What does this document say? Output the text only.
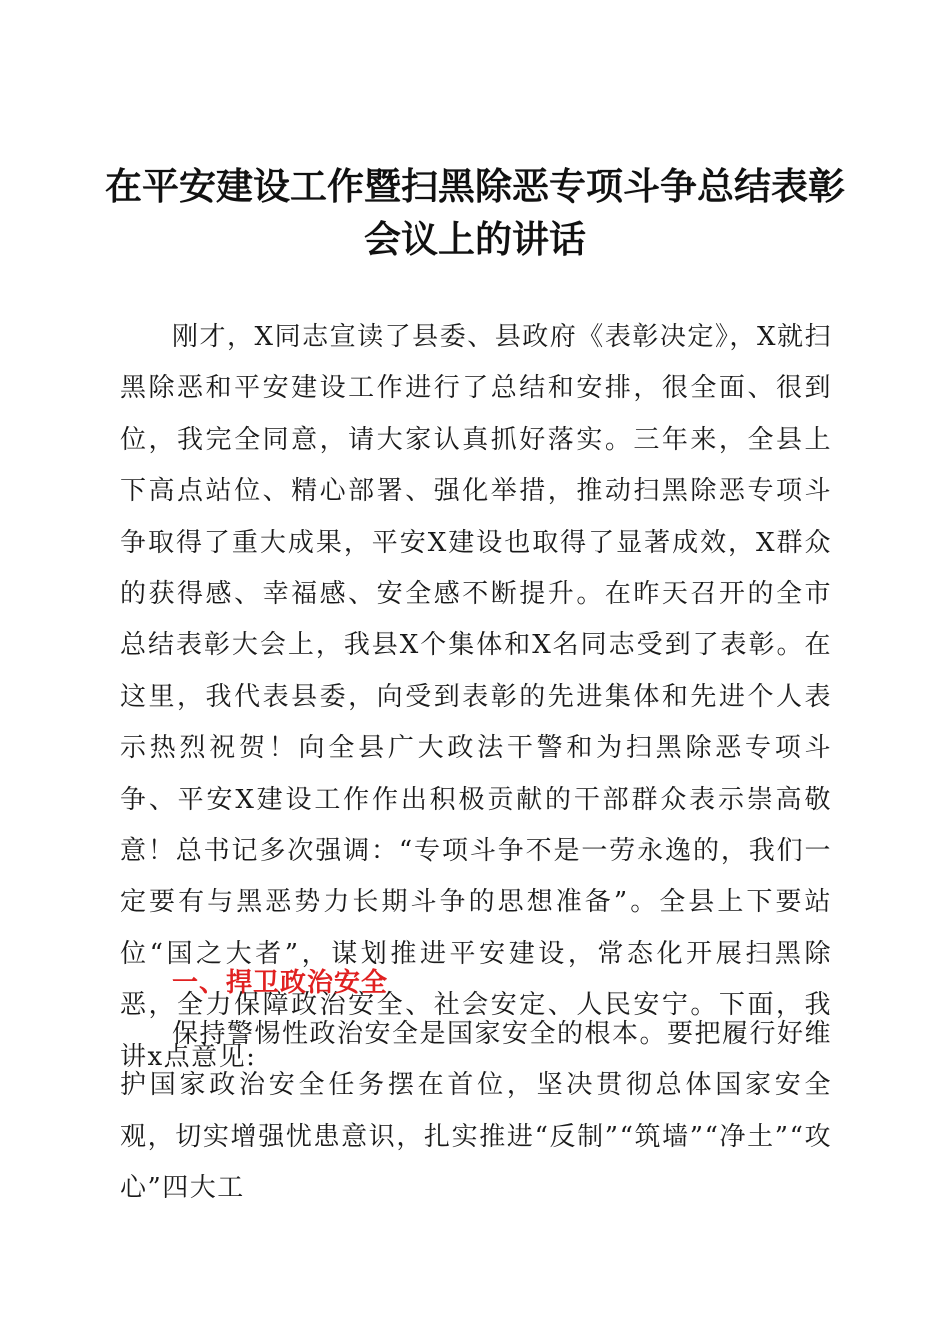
在平安建设工作暨扫黑除恶专项斗争总结表彰
会议上的讲话

刚才，X同志宣读了县委、县政府《表彰决定》，X就扫黑除恶和平安建设工作进行了总结和安排，很全面、很到位，我完全同意，请大家认真抓好落实。三年来，全县上下高点站位、精心部署、强化举措，推动扫黑除恶专项斗争取得了重大成果，平安X建设也取得了显著成效，X群众的获得感、幸福感、安全感不断提升。在昨天召开的全市总结表彰大会上，我县X个集体和X名同志受到了表彰。在这里，我代表县委，向受到表彰的先进集体和先进个人表示热烈祝贺！向全县广大政法干警和为扫黑除恶专项斗争、平安X建设工作作出积极贡献的干部群众表示崇高敬意！总书记多次强调：“专项斗争不是一劳永逸的，我们一定要有与黑恶势力长期斗争的思想准备”。全县上下要站位“国之大者”，谋划推进平安建设，常态化开展扫黑除恶，全力保障政治安全、社会安定、人民安宁。下面，我讲x点意见:

一、捍卫政治安全

保持警惕性政治安全是国家安全的根本。要把履行好维护国家政治安全任务摆在首位，坚决贯彻总体国家安全观，切实增强忧患意识，扎实推进“反制”“筑墙”“净土”“攻心”四大工
